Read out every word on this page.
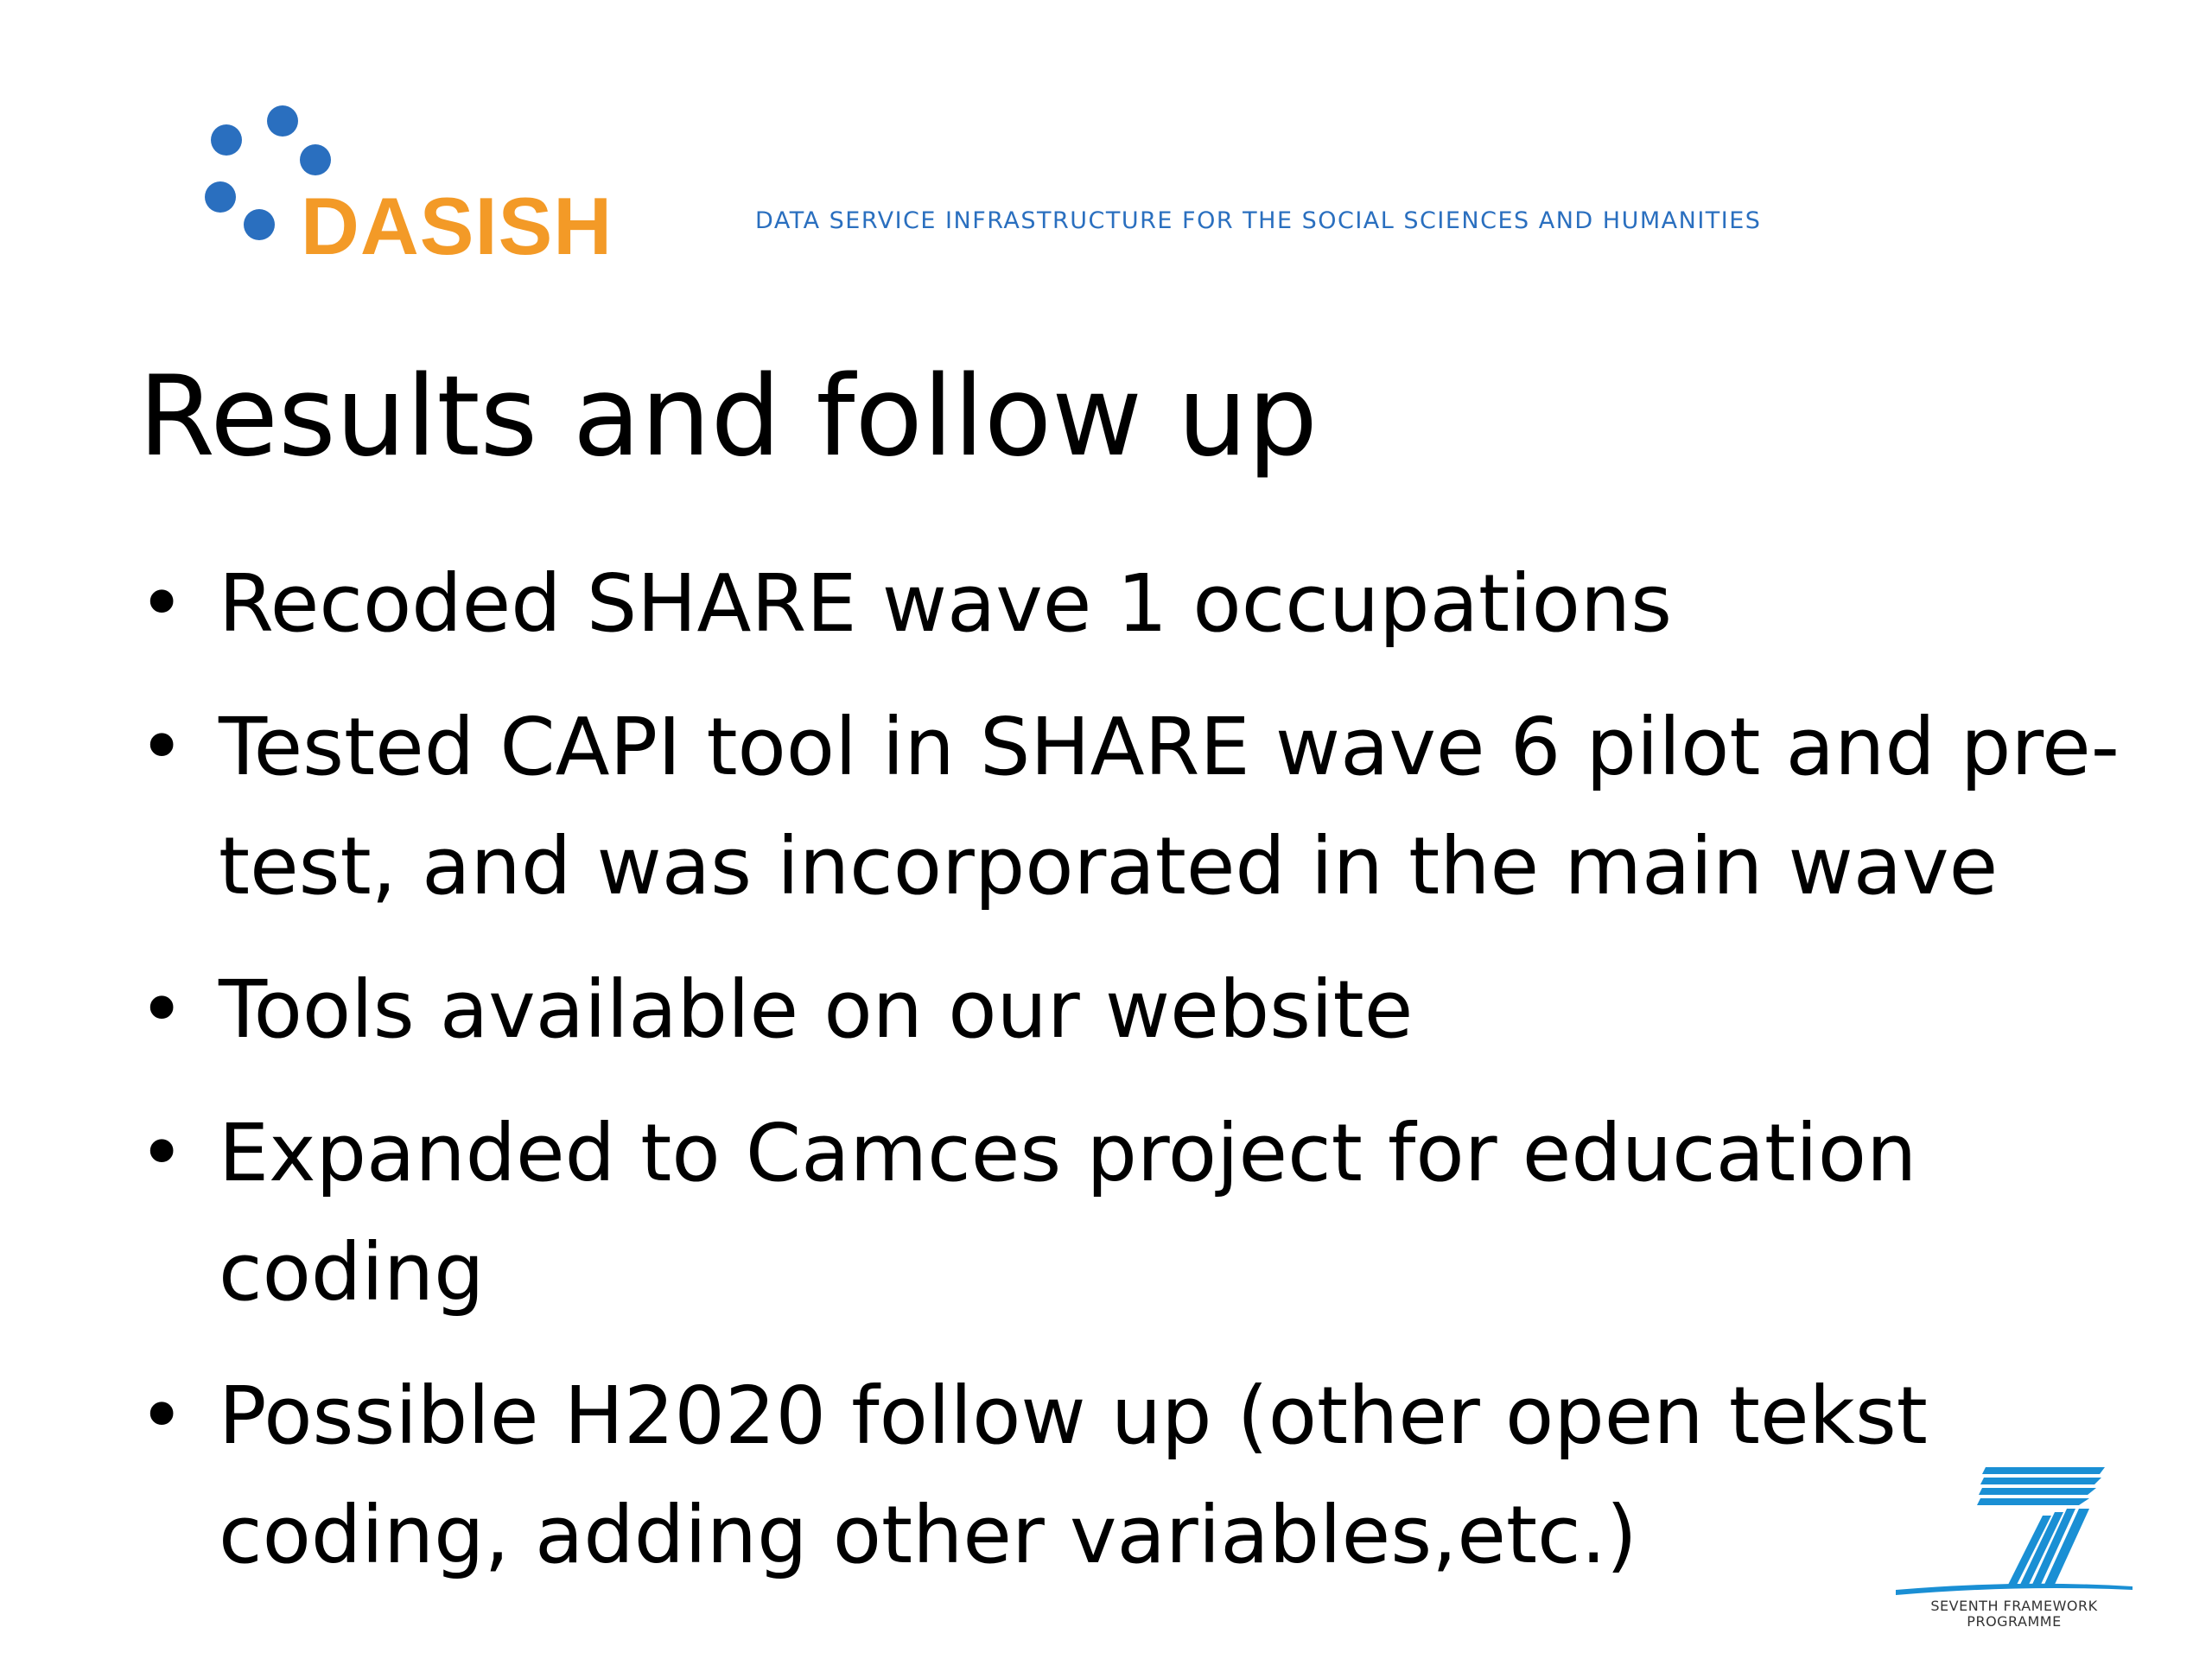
DASISH	DATA SERVICE INFRASTRUCTURE FOR THE SOCIAL SCIENCES AND HUMANITIES
Results and follow up
• Recoded SHARE wave 1 occupations
• Tested CAPI tool in SHARE wave 6 pilot and pre-test, and was incorporated in the main wave
• Tools available on our website
• Expanded to Camces project for education coding
• Possible H2020 follow up (other open tekst coding, adding other variables,etc.)
SEVENTH FRAMEWORK
PROGRAMME
